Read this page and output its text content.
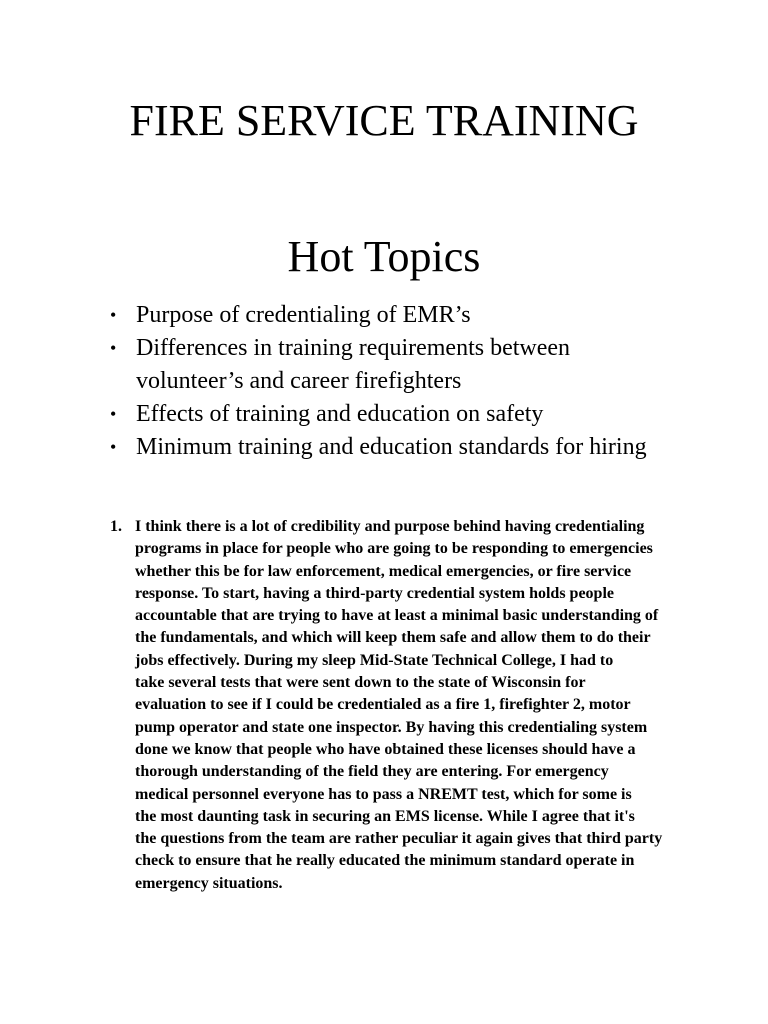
FIRE SERVICE TRAINING
Hot Topics
• Purpose of credentialing of EMR’s
• Differences in training requirements between
volunteer’s and career firefighters
• Effects of training and education on safety
• Minimum training and education standards for hiring
1. I think there is a lot of credibility and purpose behind having credentialing
programs in place for people who are going to be responding to emergencies
whether this be for law enforcement, medical emergencies, or fire service
response. To start, having a third-party credential system holds people
accountable that are trying to have at least a minimal basic understanding of
the fundamentals, and which will keep them safe and allow them to do their
jobs effectively. During my sleep Mid-State Technical College, I had to
take several tests that were sent down to the state of Wisconsin for
evaluation to see if I could be credentialed as a fire 1, firefighter 2, motor
pump operator and state one inspector. By having this credentialing system
done we know that people who have obtained these licenses should have a
thorough understanding of the field they are entering. For emergency
medical personnel everyone has to pass a NREMT test, which for some is
the most daunting task in securing an EMS license. While I agree that it's
the questions from the team are rather peculiar it again gives that third party
check to ensure that he really educated the minimum standard operate in
emergency situations.
